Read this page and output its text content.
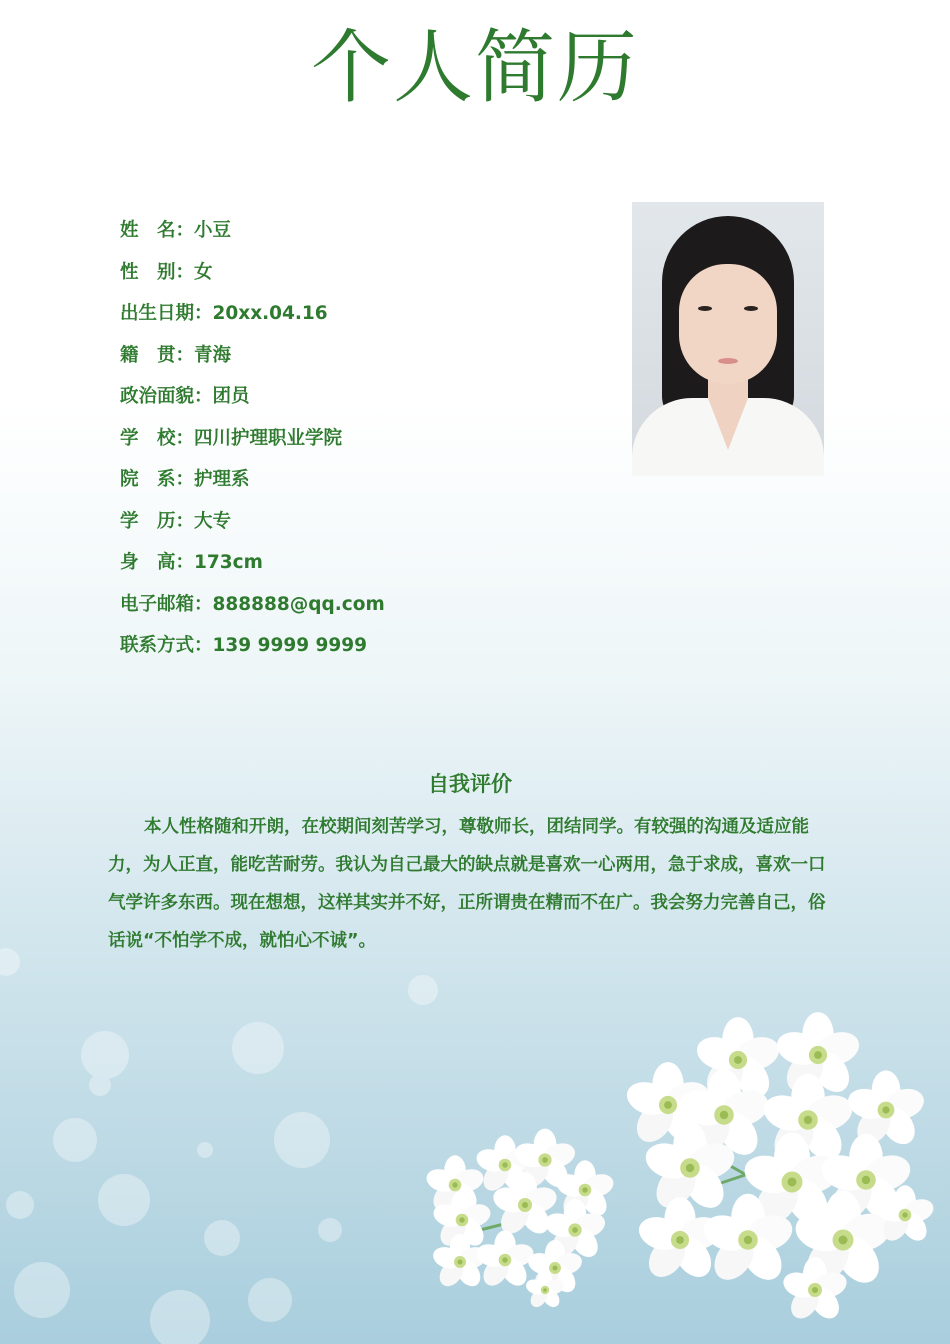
个人简历
姓　名：小豆
性　别：女
出生日期：20xx.04.16
籍　贯：青海
政治面貌：团员
学　校：四川护理职业学院
院　系：护理系
学　历：大专
身　高：173cm
电子邮箱：888888@qq.com
联系方式：139 9999 9999
自我评价
本人性格随和开朗，在校期间刻苦学习，尊敬师长，团结同学。有较强的沟通及适应能力，为人正直，能吃苦耐劳。我认为自己最大的缺点就是喜欢一心两用，急于求成，喜欢一口气学许多东西。现在想想，这样其实并不好，正所谓贵在精而不在广。我会努力完善自己，俗话说“不怕学不成，就怕心不诚”。
